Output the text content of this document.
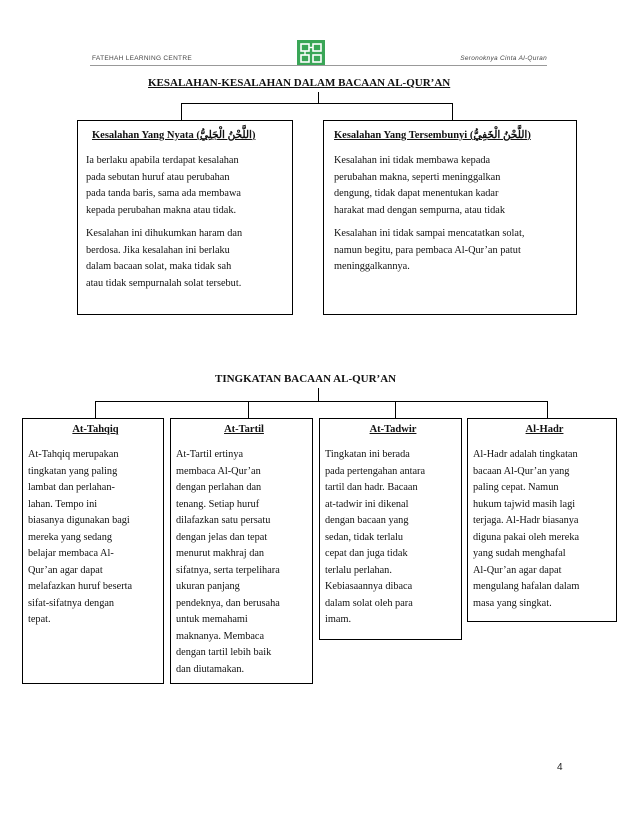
FATEHAH LEARNING CENTRE	Seronoknya Cinta Al-Quran
KESALAHAN-KESALAHAN DALAM BACAAN AL-QUR’AN
Kesalahan Yang Nyata (اللَّحْنُ الْجَلِيُّ)

Ia berlaku apabila terdapat kesalahan
pada sebutan huruf atau perubahan
pada tanda baris, sama ada membawa
kepada perubahan makna atau tidak.

Kesalahan ini dihukumkan haram dan
berdosa. Jika kesalahan ini berlaku
dalam bacaan solat, maka tidak sah
atau tidak sempurnalah solat tersebut.

Kesalahan Yang Tersembunyi (اللَّحْنُ الْخَفِيُّ)

Kesalahan ini tidak membawa kepada
perubahan makna, seperti meninggalkan
dengung, tidak dapat menentukan kadar
harakat mad dengan sempurna, atau tidak

Kesalahan ini tidak sampai mencatatkan solat,
namun begitu, para pembaca Al-Qur’an patut
meninggalkannya.

TINGKATAN BACAAN AL-QUR’AN
At-Tahqiq
At-Tahqiq merupakan
tingkatan yang paling
lambat dan perlahan-
lahan. Tempo ini
biasanya digunakan bagi
mereka yang sedang
belajar membaca Al-
Qur’an agar dapat
melafazkan huruf beserta
sifat-sifatnya dengan
tepat.
At-Tartil
At-Tartil ertinya
membaca Al-Qur’an
dengan perlahan dan
tenang. Setiap huruf
dilafazkan satu persatu
dengan jelas dan tepat
menurut makhraj dan
sifatnya, serta terpelihara
ukuran panjang
pendeknya, dan berusaha
untuk memahami
maknanya. Membaca
dengan tartil lebih baik
dan diutamakan.
At-Tadwir
Tingkatan ini berada
pada pertengahan antara
tartil dan hadr. Bacaan
at-tadwir ini dikenal
dengan bacaan yang
sedan, tidak terlalu
cepat dan juga tidak
terlalu perlahan.
Kebiasaannya dibaca
dalam solat oleh para
imam.
Al-Hadr
Al-Hadr adalah tingkatan
bacaan Al-Qur’an yang
paling cepat. Namun
hukum tajwid masih lagi
terjaga. Al-Hadr biasanya
diguna pakai oleh mereka
yang sudah menghafal
Al-Qur’an agar dapat
mengulang hafalan dalam
masa yang singkat.
4
